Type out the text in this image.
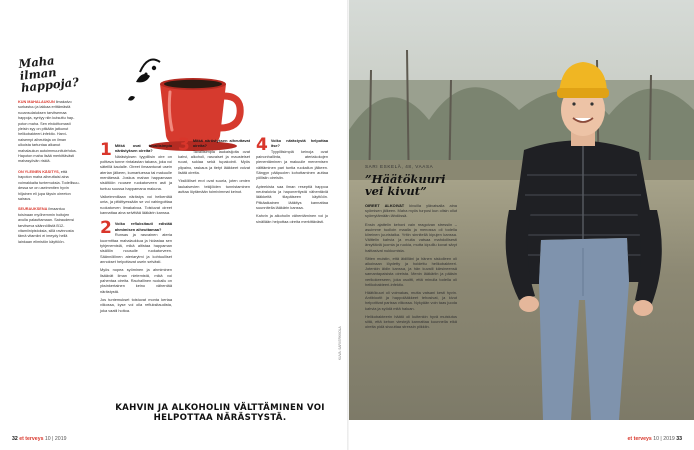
Maha
ilman
happoja?
KUN MAHALAUKUN limakalvo surkastuu ja lakkaa erittämästä ruoansulatuksen tarvitsemaa happoja, syntyy niin kutsuttu happoton maha. Sen ehdoittomasti yleisin syy on pitkään jatkunut helikobakteeri-infektio. Harvinaisempi aiheuttaja on ilman ulkoista tartuntaa alkanut mahalaukun autoimmuunitulehdus. Hapoton maha lisää merkittävästi mahasyövän riskiä.
ON YLEINEN KÄSITYS, että hapoton maha aiheuttaisi aina voimakkaita tuntemuksia. Todellisuudessa se on useimmiten hyvin hiljainen eli jupa täysin oireeton sairaus.
SEURAUKSENA ilmaantuu toisinaan myöhemmin hoitojen avulla palauttamaan. Sairaudensi tarvitseva säännöllistä B12-vitamiinipistoksia, sillä ravinnosta tämä vitamiini ei imeydy hellä lainkaan elimistön käyttöön.
1 Mitkä ovat tavallisimpia närästyksen oireita?

Närästyksen tyypillisin oire on polttava tunne rintalastan takana, joka voi säteillä kaulalle. Oireet ilmaantuvat usein aterian jälkeen, kumartuessa tai makuulle mentäessä. Joskus mahan happamaan sisältöön nousee ruokatorveen asti ja tuntuu suussa happamana makuna.

Vaikeimmillaan närästys voi heikentää unta, ja pitkittyessään se voi vahingoittaa ruokatorven limakalvoa. Toistuvat oireet kannattaa aina selvittää lääkärin kanssa.

2 Voiko refluksitauti edistää ahmimisen aiheuttamaa?

Runsas ja rasvainen ateria kuormittaa mahalaukkua ja hidastaa sen tyhjenemistä, mikä altistaa happaman sisällön nousulle ruokatorveen. Säännöllinen ateriarytmi ja kohtuulliset annokset helpottavat usein selvästi.

Myös nopea syöminen ja ahmiminen lisäävät ilman nielemistä, mikä voi pahentaa oireita. Rauhallinen ruokailu on yksinkertainen keino vähentää närästystä.

Jos tuntemukset toistuvat monta kertaa viikossa, kyse voi olla refluksitaudista, joka vaatii hoitoa.

3 Mitkä närästyksen aiheuttavat oireita?

Tavallisimpia laukaisijoita ovat kahvi, alkoholi, rasvaiset ja mausteiset ruoat, suklaa sekä tupakointi. Myös ylipaino, raskaus ja tietyt lääkkeet voivat lisätä oireita.

Yksilölliset erot ovat suuria, joten omien laukaisevien tekijöiden tunnistaminen auttaa löytämään toimivimmat keinot.

4 Voiko närästystä helpottaa itse?

Tyypillisimpiä keinoja ovat painonhallinta, ateriakokojen pienentäminen ja makuulle menemisen välttäminen pari tuntia ruokailun jälkeen. Sängyn pääpuolen kohottaminen auttaa yöllisiin oireisiin.

Apteekista saa ilman reseptiä happoa neutraloivia ja haponeritystä vähentäviä lääkkeitä tilapäiseen käyttöön. Pitkäaikainen lääkitys kannattaa suunnitella lääkärin kanssa.

Kahvin ja alkoholin vähentäminen voi jo sinällään helpottaa oireita merkittävästi.

KAHVIN JA ALKOHOLIN VÄLTTÄMINEN VOI HELPOTTAA NÄRÄSTYSTÄ.
KUVA: SARI ERKKOLA
32 et terveys 10 | 2019	et terveys 10 | 2019 33
SARI ESKELÄ, 48, VAASA
”Häätökuuri vei kivut”

OIREET ALKOIVAT kivuilla ylävatsalla aina syömisen jälkeen. Maha myös turposi kun olisin ollut syömytämään lähdössä.

Ensin ajattelin kehoni vain reagoivan stressiin – asuimme tuolloin maalla ja menossa oli todella kiireinen juuristaika. Yritin sinnitellä kipujen kanssa. Välttelin kahvia ja muita vatsaa mahdollisesti ärsyttäviä juomia ja ruokia, mutta kipuillu kovat säryt haittasivat nukkumista.

Sitten muistin, että äidilläni ja hänen siskolleen oli aikoinaan löydetty ja hoidettu helikobakteeri. Jotenkin äidin kanssa, ja hän kuvaili kärsineensä samantapaisista oireista. Menin lääkäriin ja pääsin verikokeeseen, joka osoitti, että minulla todella oli helikobakteeri-infektio.

Häätökuuri oli voimakas, mutta vatsani kesti hyvin. Antibiootit ja happolääkkeet tehosivat, ja kivut helpottivat parissa viikossa. Nykyään voin taas juoda kahvia ja syödä mitä haluan.

Helikobakteerin häätö oli kuitenkin hyvä muistutus siitä, että kehon viestejä kannattaa kuunnella eikä oireita pidä sivuuttaa stressin piikkiin.
